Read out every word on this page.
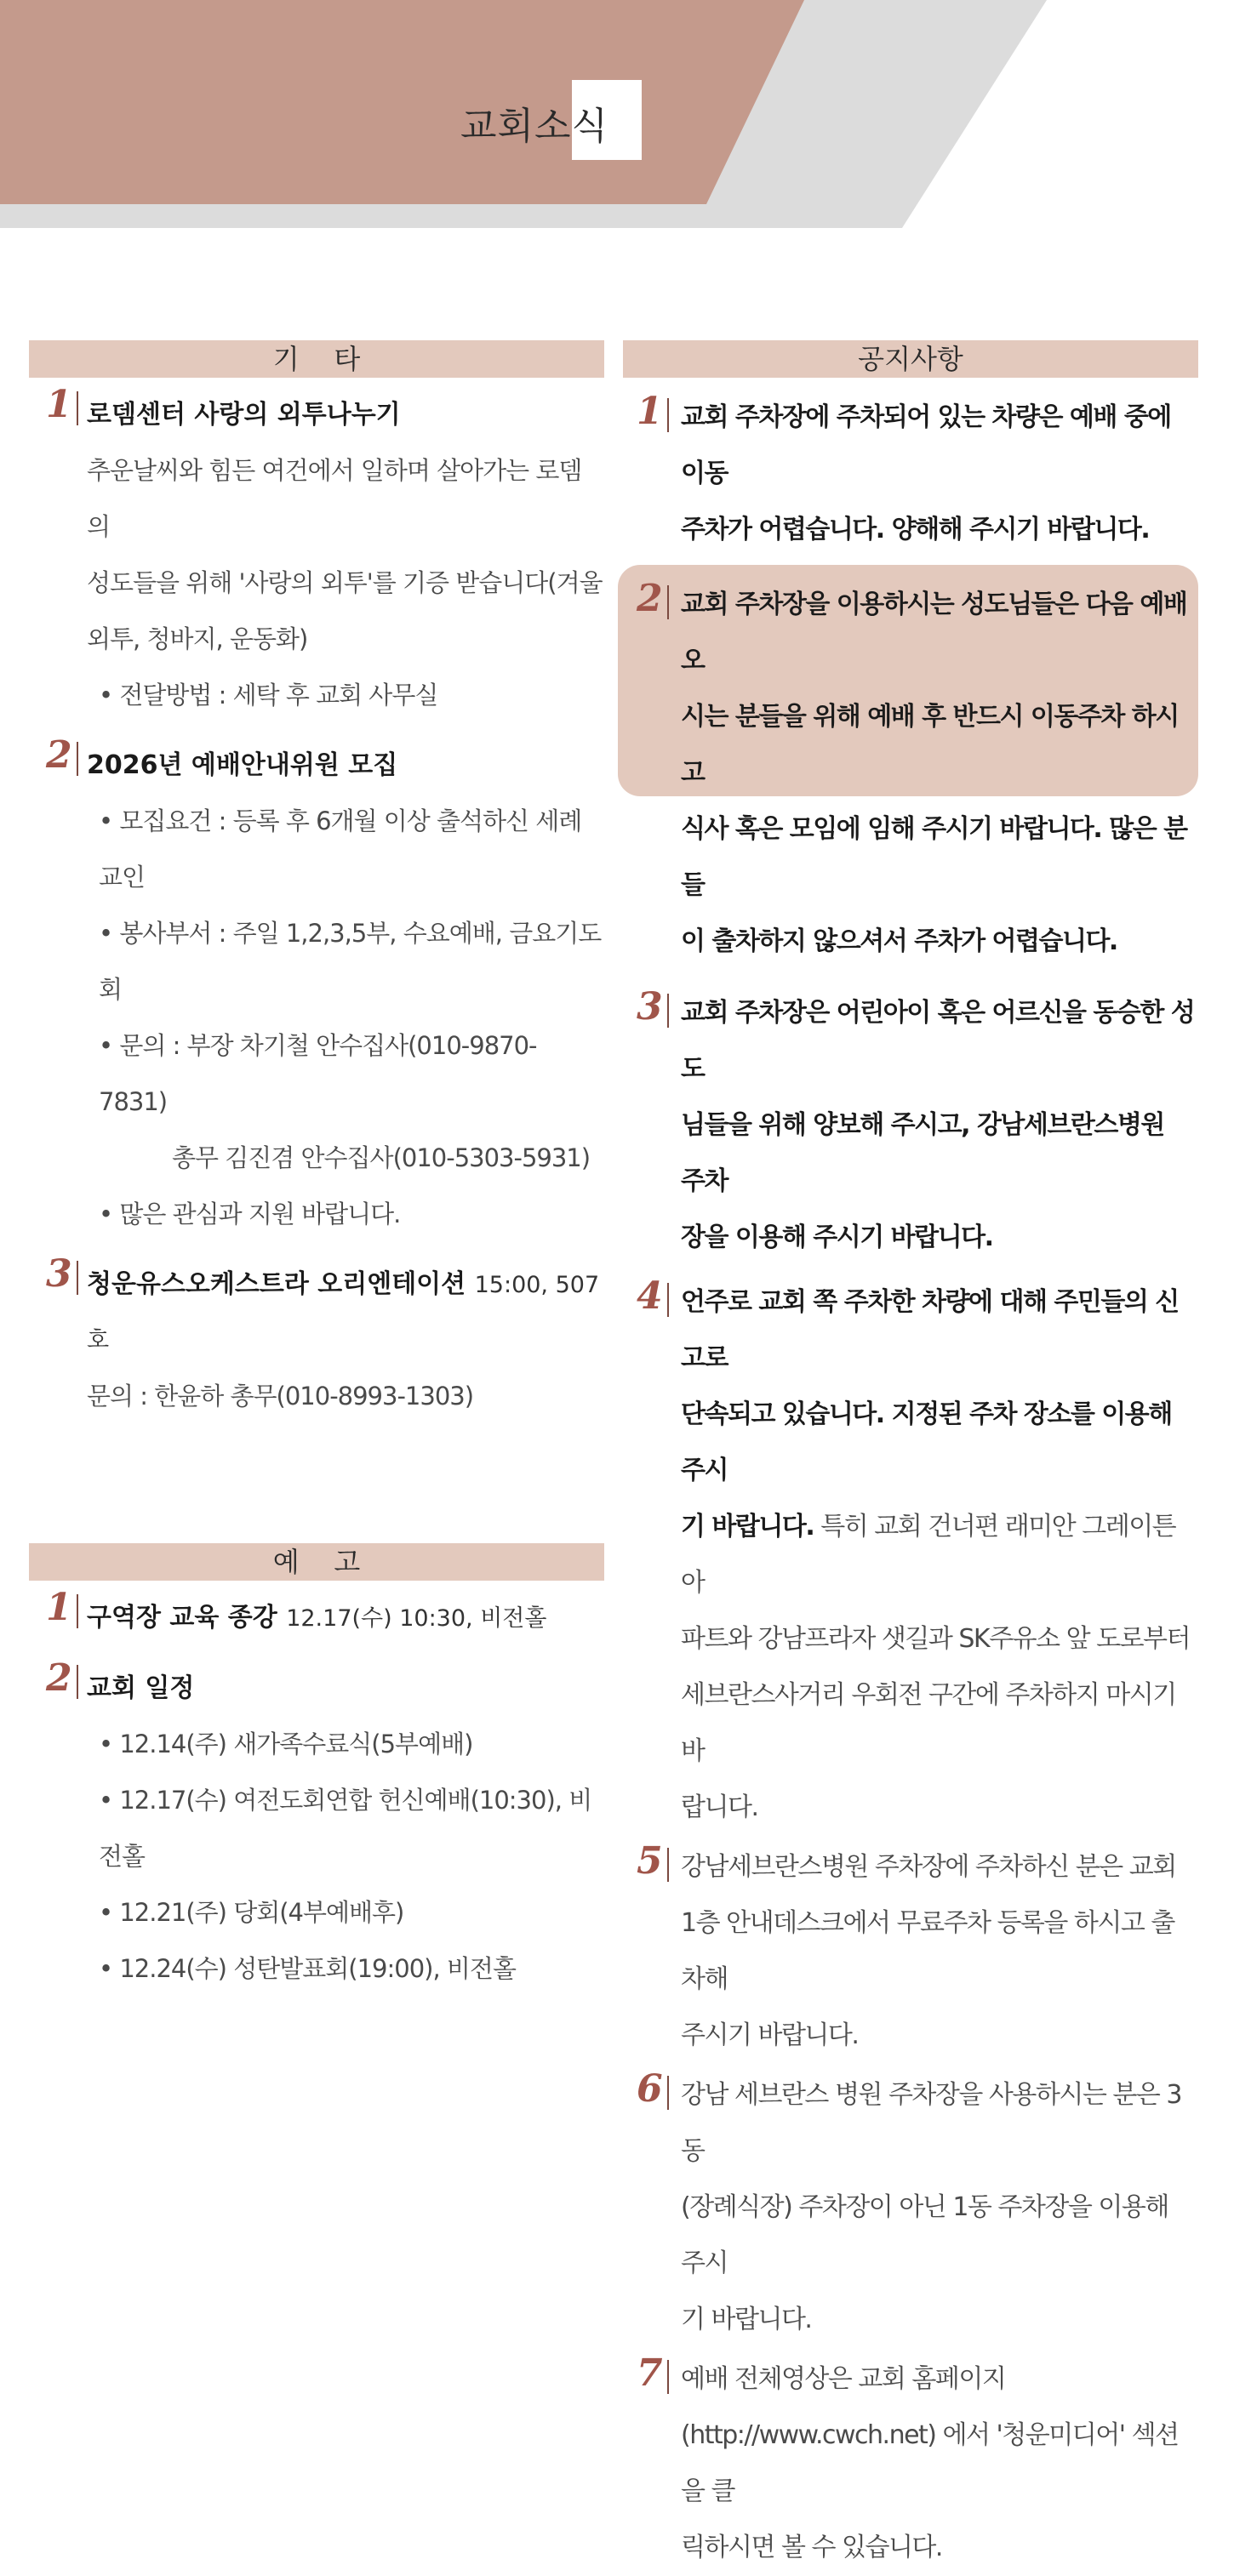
교회소식
기    타
1 로뎀센터 사랑의 외투나누기
추운날씨와 힘든 여건에서 일하며 살아가는 로뎀의
성도들을 위해 '사랑의 외투'를 기증 받습니다(겨울
외투, 청바지, 운동화)
• 전달방법 : 세탁 후 교회 사무실
2 2026년 예배안내위원 모집
• 모집요건 : 등록 후 6개월 이상 출석하신 세례교인
• 봉사부서 : 주일 1,2,3,5부, 수요예배, 금요기도회
• 문의 : 부장 차기철 안수집사(010-9870-7831)
총무 김진겸 안수집사(010-5303-5931)
• 많은 관심과 지원 바랍니다.
3 청운유스오케스트라 오리엔테이션 15:00, 507호
문의 : 한윤하 총무(010-8993-1303)
예    고
1 구역장 교육 종강 12.17(수) 10:30, 비전홀
2 교회 일정
• 12.14(주) 새가족수료식(5부예배)
• 12.17(수) 여전도회연합 헌신예배(10:30), 비전홀
• 12.21(주) 당회(4부예배후)
• 12.24(수) 성탄발표회(19:00), 비전홀
공지사항
1 교회 주차장에 주차되어 있는 차량은 예배 중에 이동
주차가 어렵습니다. 양해해 주시기 바랍니다.
2 교회 주차장을 이용하시는 성도님들은 다음 예배 오
시는 분들을 위해 예배 후 반드시 이동주차 하시고
식사 혹은 모임에 임해 주시기 바랍니다. 많은 분들
이 출차하지 않으셔서 주차가 어렵습니다.
3 교회 주차장은 어린아이 혹은 어르신을 동승한 성도
님들을 위해 양보해 주시고, 강남세브란스병원 주차
장을 이용해 주시기 바랍니다.
4 언주로 교회 쪽 주차한 차량에 대해 주민들의 신고로
단속되고 있습니다. 지정된 주차 장소를 이용해 주시
기 바랍니다. 특히 교회 건너편 래미안 그레이튼 아
파트와 강남프라자 샛길과 SK주유소 앞 도로부터
세브란스사거리 우회전 구간에 주차하지 마시기 바
랍니다.
5 강남세브란스병원 주차장에 주차하신 분은 교회
1층 안내데스크에서 무료주차 등록을 하시고 출차해
주시기 바랍니다.
6 강남 세브란스 병원 주차장을 사용하시는 분은 3동
(장례식장) 주차장이 아닌 1동 주차장을 이용해 주시
기 바랍니다.
7 예배 전체영상은 교회 홈페이지
(http://www.cwch.net) 에서 '청운미디어' 섹션을 클
릭하시면 볼 수 있습니다.
